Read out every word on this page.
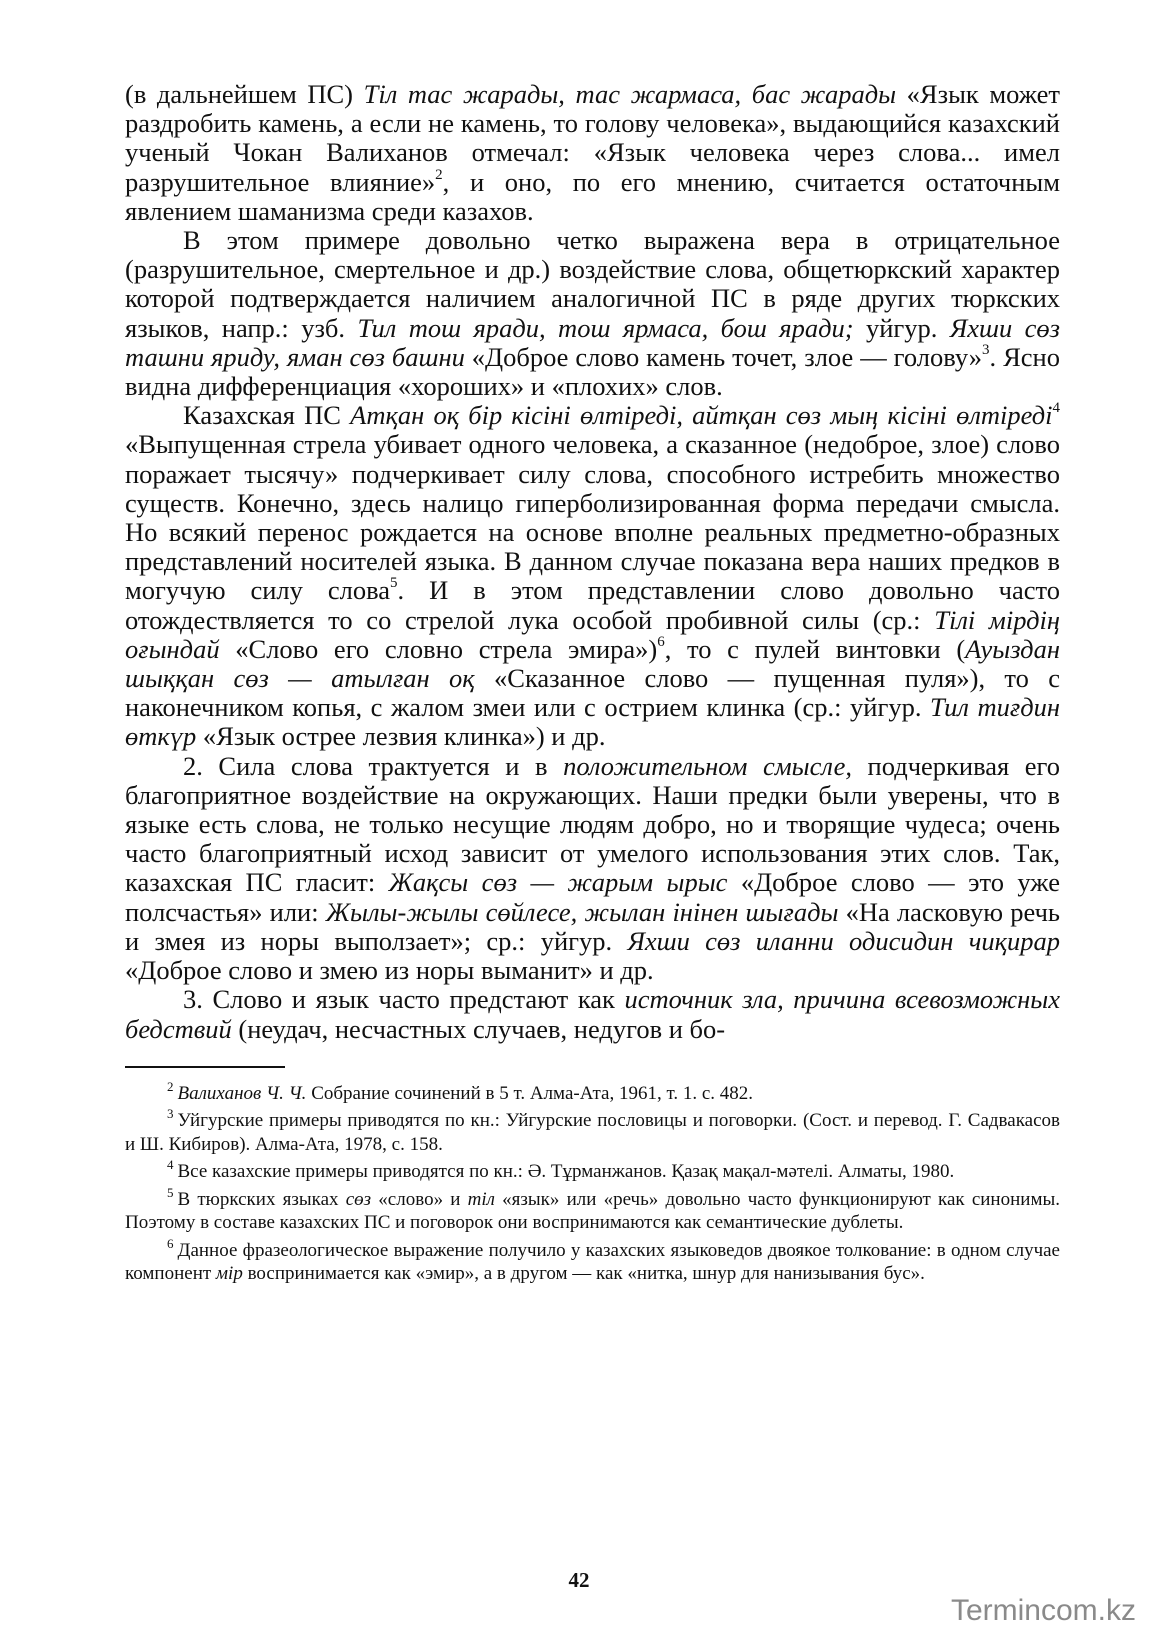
(в дальнейшем ПС) Тіл тас жарады, тас жармаса, бас жарады «Язык может раздробить камень, а если не камень, то голову человека», выдающийся казахский ученый Чокан Валиханов отмечал: «Язык человека через слова... имел разрушительное влияние»$^2$, и оно, по его мнению, считается остаточным явлением шаманизма среди казахов.

В этом примере довольно четко выражена вера в отрицательное (разрушительное, смертельное и др.) воздействие слова, общетюркский характер которой подтверждается наличием аналогичной ПС в ряде других тюркских языков, напр.: узб. Тил тош яради, тош ярмаса, бош яради; уйгур. Яхши сөз ташни яриду, яман сөз башни «Доброе слово камень точет, злое — голову»$^3$. Ясно видна дифференциация «хороших» и «плохих» слов.

Казахская ПС Атқан оқ бір кісіні өлтіреді, айтқан сөз мың кісіні өлтіреді$^4$ «Выпущенная стрела убивает одного человека, а сказанное (недоброе, злое) слово поражает тысячу» подчеркивает силу слова, способного истребить множество существ. Конечно, здесь налицо гиперболизированная форма передачи смысла. Но всякий перенос рождается на основе вполне реальных предметно-образных представлений носителей языка. В данном случае показана вера наших предков в могучую силу слова$^5$. И в этом представлении слово довольно часто отождествляется то со стрелой лука особой пробивной силы (ср.: Тілі мірдің оғындай «Слово его словно стрела эмира»)$^6$, то с пулей винтовки (Ауыздан шыққан сөз — атылған оқ «Сказанное слово — пущенная пуля»), то с наконечником копья, с жалом змеи или с острием клинка (ср.: уйгур. Тил тиғдин өткүр «Язык острее лезвия клинка») и др.

2. Сила слова трактуется и в положительном смысле, подчеркивая его благоприятное воздействие на окружающих. Наши предки были уверены, что в языке есть слова, не только несущие людям добро, но и творящие чудеса; очень часто благоприятный исход зависит от умелого использования этих слов. Так, казахская ПС гласит: Жақсы сөз — жарым ырыс «Доброе слово — это уже полсчастья» или: Жылы-жылы сөйлесе, жылан інінен шығады «На ласковую речь и змея из норы выползает»; ср.: уйгур. Яхши сөз иланни одисидин чиқирар «Доброе слово и змею из норы выманит» и др.

3. Слово и язык часто предстают как источник зла, причина всевозможных бедствий (неудач, несчастных случаев, недугов и бо-

$^2$ Валиханов Ч. Ч. Собрание сочинений в 5 т. Алма-Ата, 1961, т. 1. с. 482.

$^3$ Уйгурские примеры приводятся по кн.: Уйгурские пословицы и поговорки. (Сост. и перевод. Г. Садвакасов и Ш. Кибиров). Алма-Ата, 1978, с. 158.

$^4$ Все казахские примеры приводятся по кн.: Ә. Тұрманжанов. Қазақ мақал-мәтелі. Алматы, 1980.

$^5$ В тюркских языках сөз «слово» и тіл «язык» или «речь» довольно часто функционируют как синонимы. Поэтому в составе казахских ПС и поговорок они воспринимаются как семантические дублеты.

$^6$ Данное фразеологическое выражение получило у казахских языковедов двоякое толкование: в одном случае компонент мір воспринимается как «эмир», а в другом — как «нитка, шнур для нанизывания бус».

42
Termincom.kz
